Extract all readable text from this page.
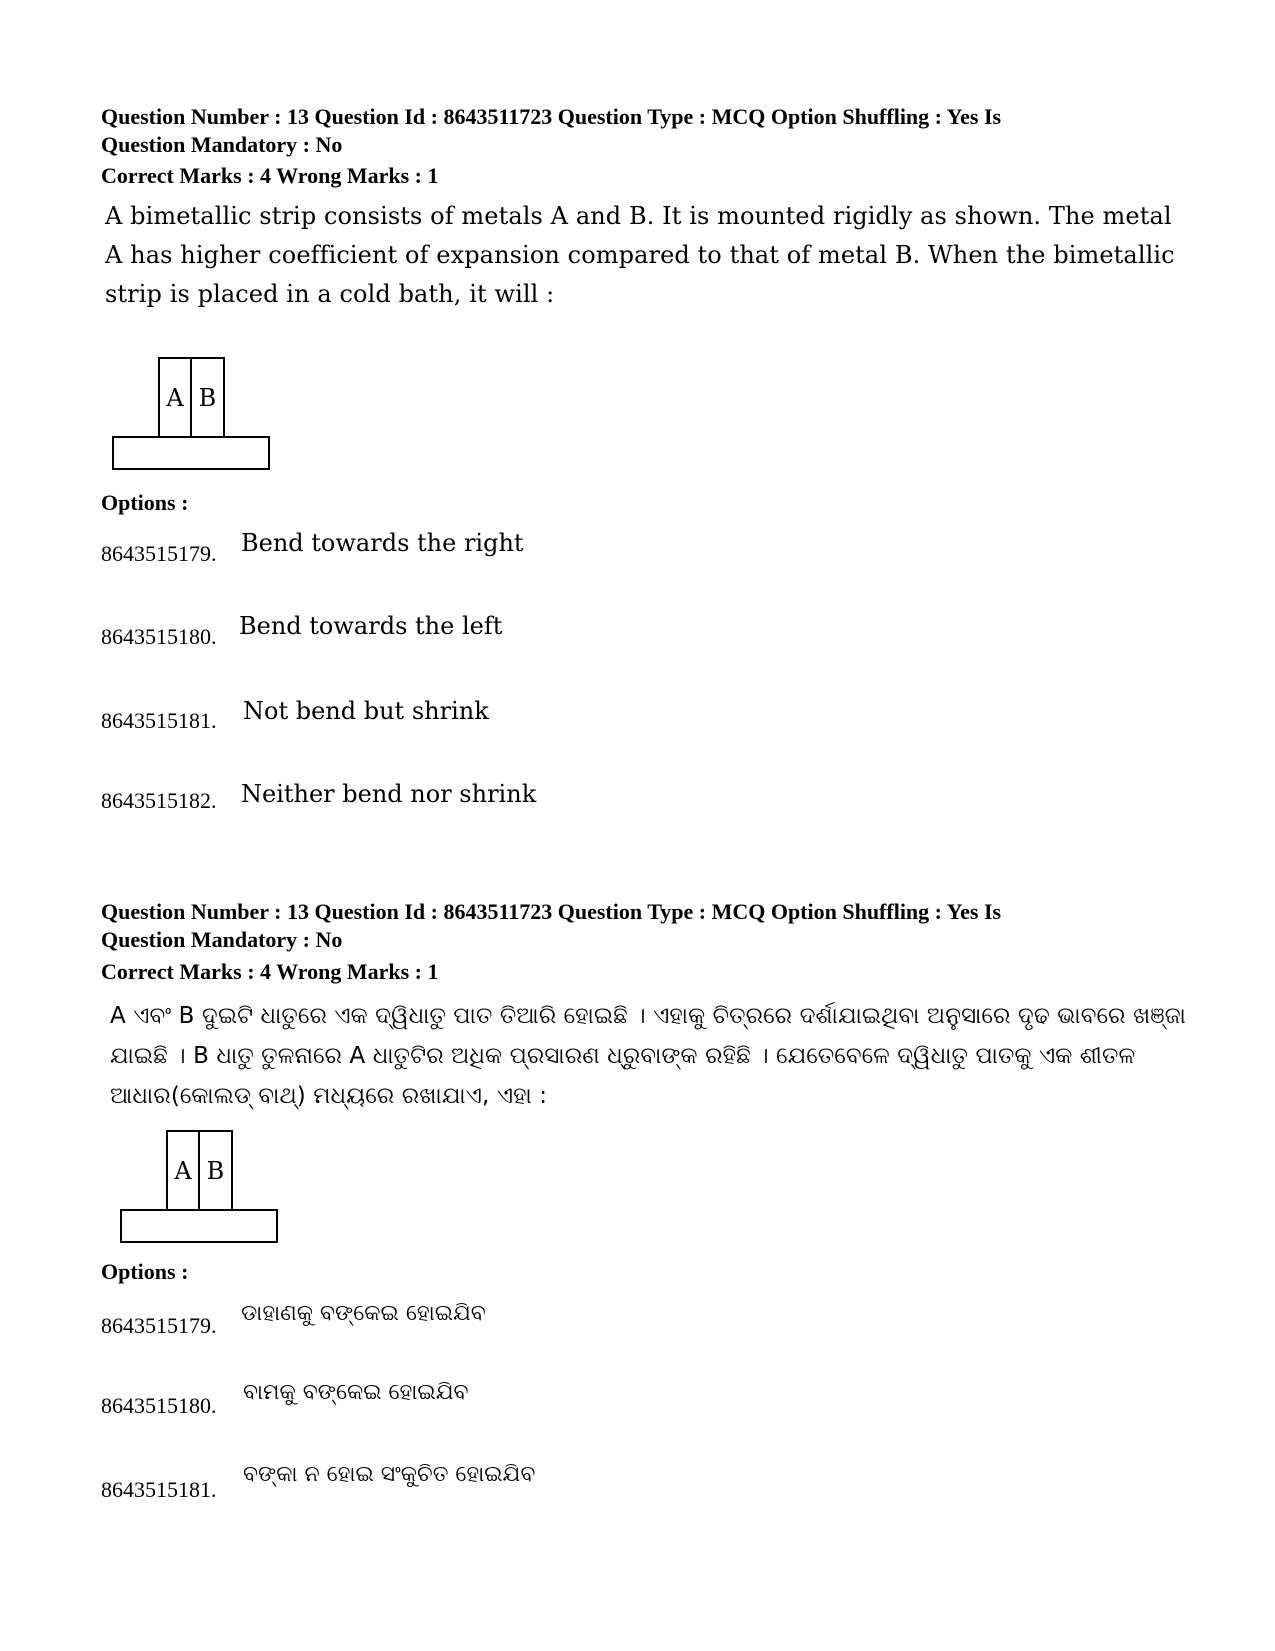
Question Number : 13 Question Id : 8643511723 Question Type : MCQ Option Shuffling : Yes Is

Question Mandatory : No

Correct Marks : 4 Wrong Marks : 1

A bimetallic strip consists of metals A and B. It is mounted rigidly as shown. The metal A has higher coefficient of expansion compared to that of metal B. When the bimetallic strip is placed in a cold bath, it will :

A B

Options :

8643515179. Bend towards the right

8643515180. Bend towards the left

8643515181. Not bend but shrink

8643515182. Neither bend nor shrink

Question Number : 13 Question Id : 8643511723 Question Type : MCQ Option Shuffling : Yes Is

Question Mandatory : No

Correct Marks : 4 Wrong Marks : 1

A ଏବଂ B ଦୁଇଟି ଧାତୁରେ ଏକ ଦ୍ୱିଧାତୁ ପାତ ତିଆରି ହୋଇଛି । ଏହାକୁ ଚିତ୍ରରେ ଦର୍ଶାଯାଇଥିବା ଅନୁସାରେ ଦୃଢ ଭାବରେ ଖଞ୍ଜା ଯାଇଛି । B ଧାତୁ ତୁଳନାରେ A ଧାତୁଟିର ଅଧିକ ପ୍ରସାରଣ ଧ୍ରୁବାଙ୍କ ରହିଛି । ଯେତେବେଳେ ଦ୍ୱିଧାତୁ ପାତକୁ ଏକ ଶୀତଳ ଆଧାର(କୋଲଡ୍ ବାଥ୍) ମଧ୍ୟରେ ରଖାଯାଏ, ଏହା :

A B

Options :

8643515179. ଡାହାଣକୁ ବଙ୍କେଇ ହୋଇଯିବ

8643515180.

ବାମକୁ ବଙ୍କେଇ ହୋଇଯିବ

8643515181.

ବଙ୍କା ନ ହୋଇ ସଂକୁଚିତ ହୋଇଯିବ
